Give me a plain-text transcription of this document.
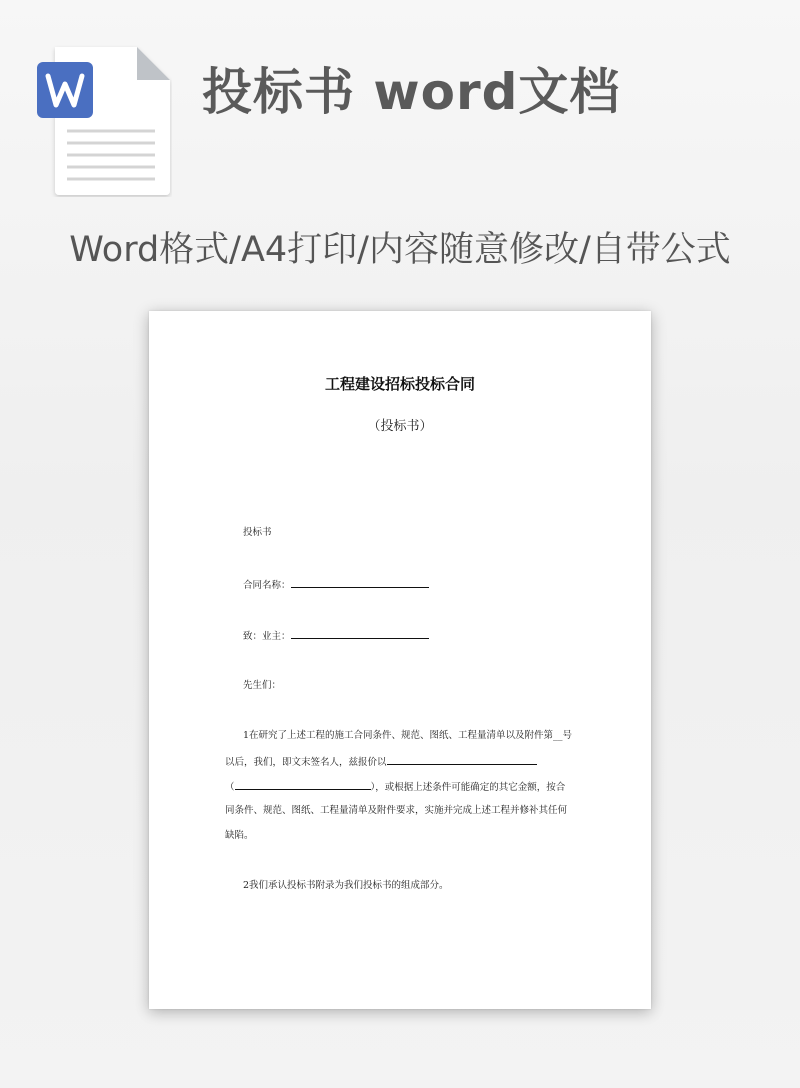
投标书 word文档
Word格式/A4打印/内容随意修改/自带公式
工程建设招标投标合同
（投标书）
投标书
合同名称：
致：业主：
先生们：
1在研究了上述工程的施工合同条件、规范、图纸、工程量清单以及附件第__号
以后，我们，即文末签名人，兹报价以
（	），或根据上述条件可能确定的其它金额，按合
同条件、规范、图纸、工程量清单及附件要求，实施并完成上述工程并修补其任何
缺陷。
2我们承认投标书附录为我们投标书的组成部分。
